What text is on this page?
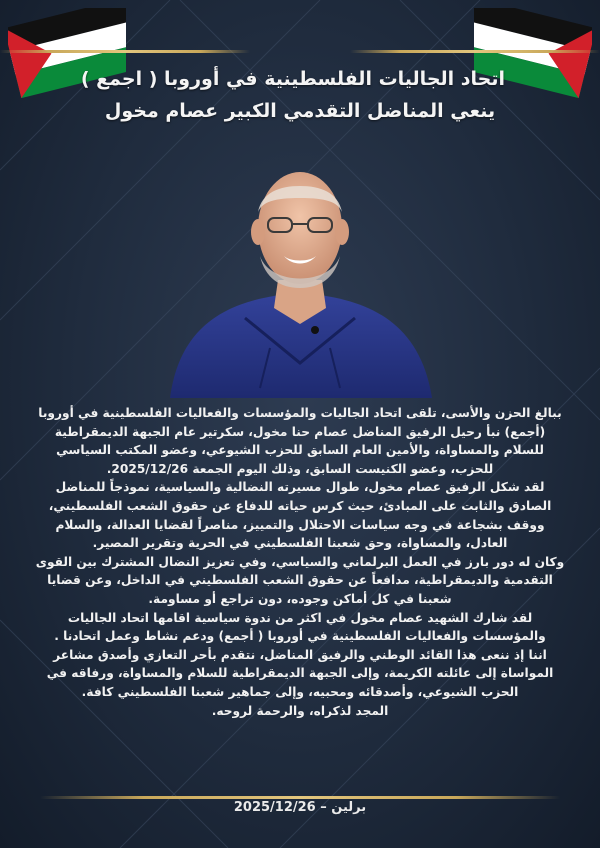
اتحاد الجاليات الفلسطينية في أوروبا ( اجمع )
ينعي المناضل التقدمي الكبير عصام مخول

ببالغ الحزن والأسى، تلقى اتحاد الجاليات والمؤسسات والفعاليات الفلسطينية في أوروبا (أجمع) نبأ رحيل الرفيق المناضل عصام حنا مخول، سكرتير عام الجبهة الديمقراطية للسلام والمساواة، والأمين العام السابق للحزب الشيوعي، وعضو المكتب السياسي للحزب، وعضو الكنيست السابق، وذلك اليوم الجمعة 2025/12/26.

لقد شكل الرفيق عصام مخول، طوال مسيرته النضالية والسياسية، نموذجاً للمناضل الصادق والثابت على المبادئ، حيث كرس حياته للدفاع عن حقوق الشعب الفلسطيني، ووقف بشجاعة في وجه سياسات الاحتلال والتمييز، مناصراً لقضايا العدالة، والسلام العادل، والمساواة، وحق شعبنا الفلسطيني في الحرية وتقرير المصير.

وكان له دور بارز في العمل البرلماني والسياسي، وفي تعزيز النضال المشترك بين القوى التقدمية والديمقراطية، مدافعاً عن حقوق الشعب الفلسطيني في الداخل، وعن قضايا شعبنا في كل أماكن وجوده، دون تراجع أو مساومة.

لقد شارك الشهيد عصام مخول في اكثر من ندوة سياسية اقامها اتحاد الجاليات والمؤسسات والفعاليات الفلسطينية في أوروبا ( أجمع) ودعم نشاط وعمل اتحادنا .

اننا إذ ننعى هذا القائد الوطني والرفيق المناضل، نتقدم بأحر التعازي وأصدق مشاعر المواساة إلى عائلته الكريمة، وإلى الجبهة الديمقراطية للسلام والمساواة، ورفاقه في الحزب الشيوعي، وأصدقائه ومحبيه، وإلى جماهير شعبنا الفلسطيني كافة.

المجد لذكراه، والرحمة لروحه.

برلين – 2025/12/26
